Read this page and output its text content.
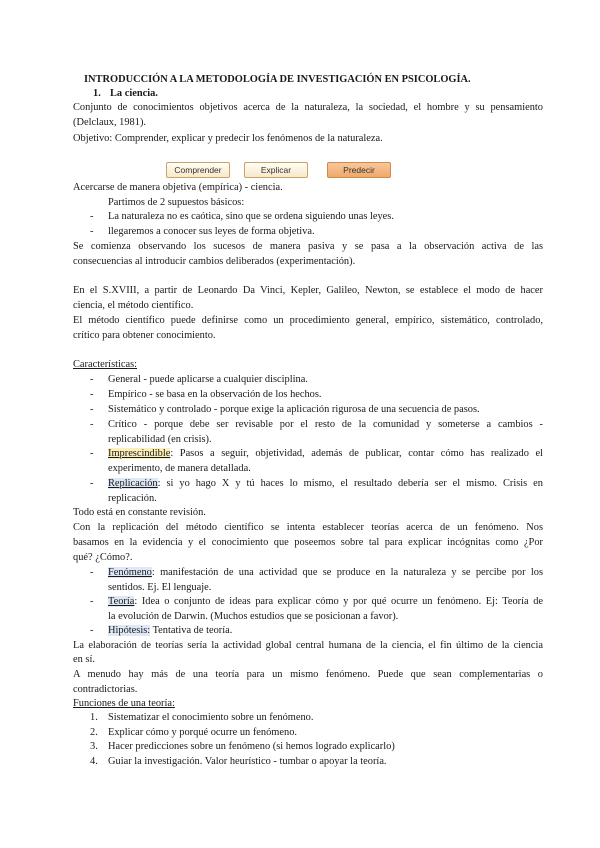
INTRODUCCIÓN A LA METODOLOGÍA DE INVESTIGACIÓN EN PSICOLOGÍA.
1. La ciencia.
Conjunto de conocimientos objetivos acerca de la naturaleza, la sociedad, el hombre y su pensamiento
(Delclaux, 1981).
Objetivo: Comprender, explicar y predecir los fenómenos de la naturaleza.
Comprender	Explicar	Predecir
Acercarse de manera objetiva (empírica) - ciencia.
Partimos de 2 supuestos básicos:
- La naturaleza no es caótica, sino que se ordena siguiendo unas leyes.
- llegaremos a conocer sus leyes de forma objetiva.
Se comienza observando los sucesos de manera pasiva y se pasa a la observación activa de las
consecuencias al introducir cambios deliberados (experimentación).
En el S.XVIII, a partir de Leonardo Da Vinci, Kepler, Galileo, Newton, se establece el modo de hacer
ciencia, el método científico.
El método científico puede definirse como un procedimiento general, empírico, sistemático, controlado,
crítico para obtener conocimiento.
Características:
- General - puede aplicarse a cualquier disciplina.
- Empírico - se basa en la observación de los hechos.
- Sistemático y controlado - porque exige la aplicación rigurosa de una secuencia de pasos.
- Crítico - porque debe ser revisable por el resto de la comunidad y someterse a cambios -
replicabilidad (en crisis).
- Imprescindible: Pasos a seguir, objetividad, además de publicar, contar cómo has realizado el
experimento, de manera detallada.
- Replicación: si yo hago X y tú haces lo mismo, el resultado debería ser el mismo. Crisis en
replicación.
Todo está en constante revisión.
Con la replicación del método científico se intenta establecer teorías acerca de un fenómeno. Nos
basamos en la evidencia y el conocimiento que poseemos sobre tal para explicar incógnitas como ¿Por
qué? ¿Cómo?.
- Fenómeno: manifestación de una actividad que se produce en la naturaleza y se percibe por los
sentidos. Ej. El lenguaje.
- Teoría: Idea o conjunto de ideas para explicar cómo y por qué ocurre un fenómeno. Ej: Teoría de
la evolución de Darwin. (Muchos estudios que se posicionan a favor).
- Hipótesis: Tentativa de teoría.
La elaboración de teorías sería la actividad global central humana de la ciencia, el fin último de la ciencia
en sí.
A menudo hay más de una teoría para un mismo fenómeno. Puede que sean complementarias o
contradictorias.
Funciones de una teoría:
1. Sistematizar el conocimiento sobre un fenómeno.
2. Explicar cómo y porqué ocurre un fenómeno.
3. Hacer predicciones sobre un fenómeno (si hemos logrado explicarlo)
4. Guiar la investigación. Valor heurístico - tumbar o apoyar la teoría.
